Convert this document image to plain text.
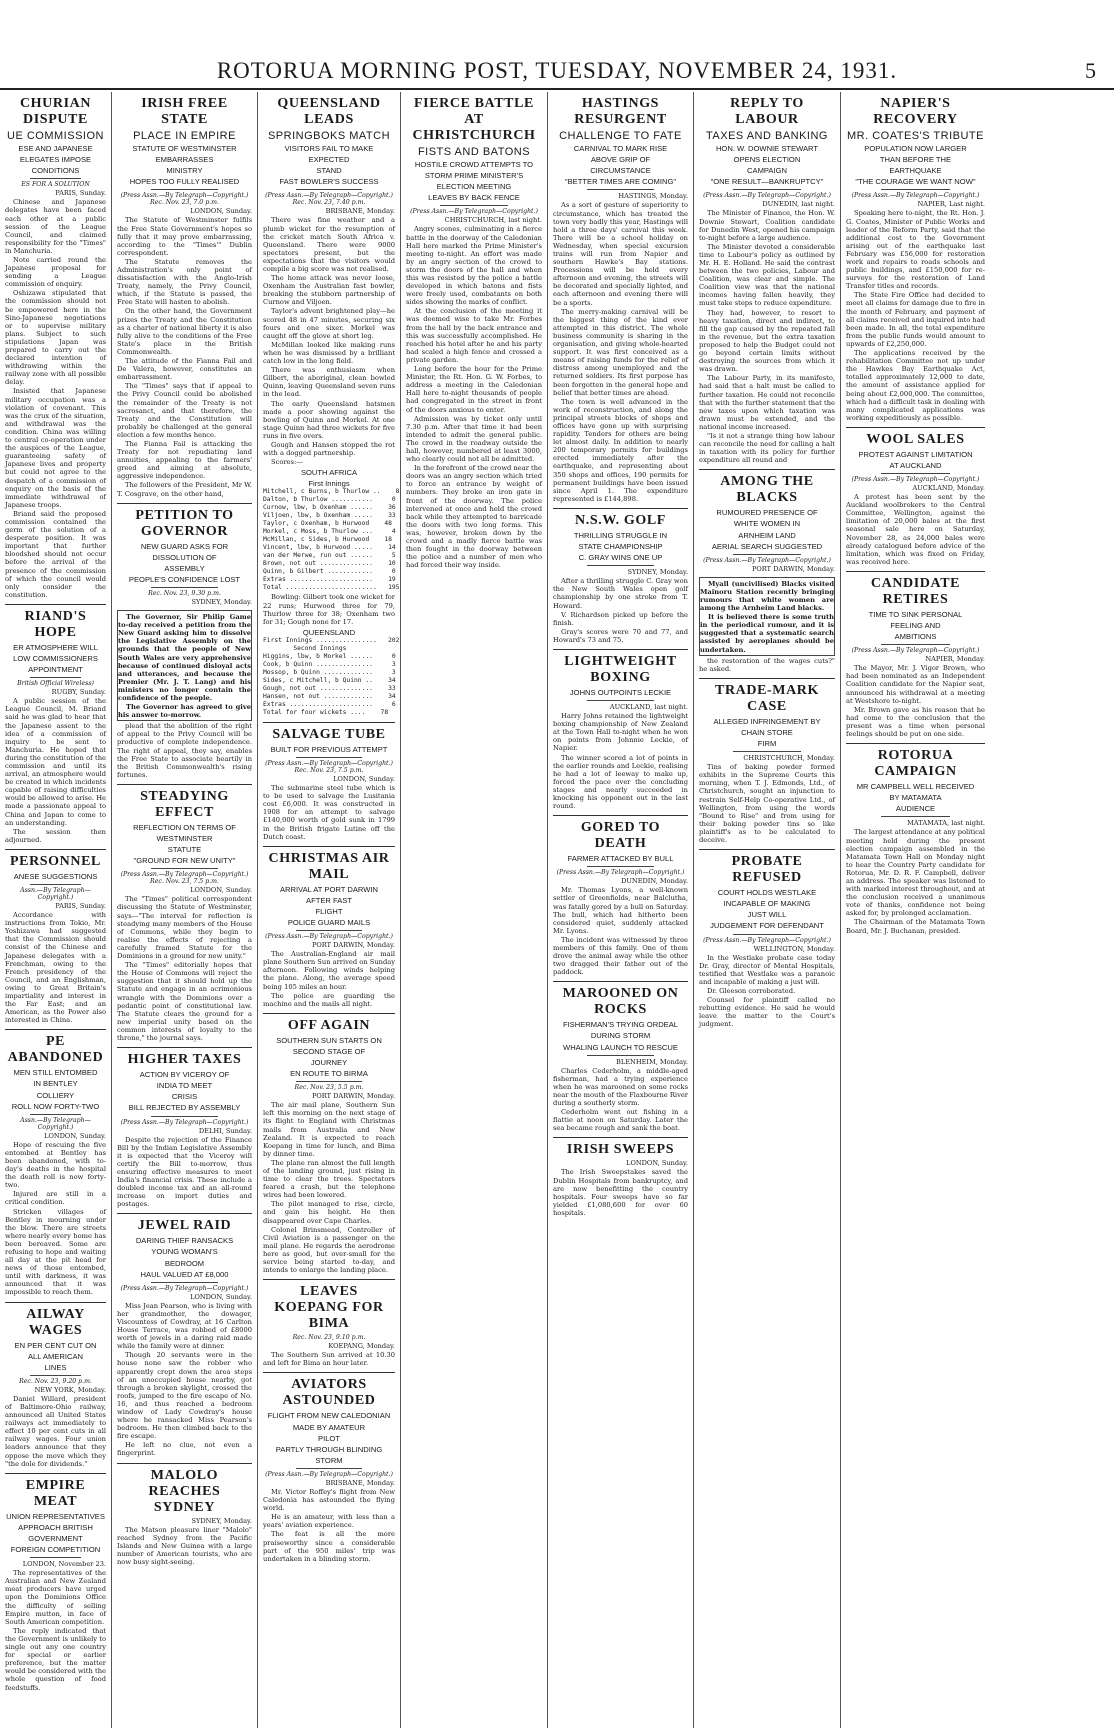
ROTORUA MORNING POST, TUESDAY, NOVEMBER 24, 1931.	5
CHURIAN DISPUTE
UE COMMISSION
ESE AND JAPANESE
ELEGATES IMPOSE
CONDITIONS
ES FOR A SOLUTION
PARIS, Sunday.

Chinese and Japanese delegates have been faced each other at a public session of the League Council, and claimed responsibility for the "Times" in Manchuria.

Note carried round the Japanese proposal for sending a League commission of enquiry.

Oshizawa stipulated that the commission should not be empowered here in the Sino-Japanese negotiations or to supervise military plans. Subject to such stipulations Japan was prepared to carry out the declared intention of withdrawing within the railway zone with all possible delay.

Insisted that Japanese military occupation was a violation of covenant. This was the crux of the situation, and withdrawal was the condition. China was willing to central co-operation under the auspices of the League, guaranteeing safety of Japanese lives and property but could not agree to the despatch of a commission of enquiry on the basis of the immediate withdrawal of Japanese troops.

Briand said the proposed commission contained the germ of the solution of a desperate position. It was important that further bloodshed should not occur before the arrival of the presence of the commission of which the council would only consider the constitution.

RIAND'S HOPE
ER ATMOSPHERE WILL
LOW COMMISSIONERS
APPOINTMENT
British Official Wireless)
RUGBY, Sunday.

A public session of the League Council, M. Briand said he was glad to hear that the Japanese assent to the idea of a commission of inquiry to be sent to Manchuria. He hoped that during the constitution of the commission and until its arrival, an atmosphere would be created in which incidents capable of raising difficulties would be allowed to arise. He made a passionate appeal to China and Japan to come to an understanding.

The session then adjourned.

PERSONNEL
ANESE SUGGESTIONS
Assn.—By Telegraph—Copyright.)
PARIS, Sunday.

Accordance with instructions from Tokio, Mr. Yoshizawa had suggested that the Commission should consist of the Chinese and Japanese delegates with a Frenchman, owing to the French presidency of the Council, and an Englishman, owing to Great Britain's impartiality and interest in the Far East; and an American, as the Power also interested in China.

PE ABANDONED
MEN STILL ENTOMBED
IN BENTLEY
COLLIERY
ROLL NOW FORTY-TWO
Assn.—By Telegraph—Copyright.)
LONDON, Sunday.

Hope of rescuing the five entombed at Bentley has been abandoned, with to-day's deaths in the hospital the death roll is now forty-two.

Injured are still in a critical condition.

Stricken villages of Bentley in mourning under the blow. There are streets where nearly every home has been bereaved. Some are refusing to hope and waiting all day at the pit head for news of those entombed, until with darkness, it was announced that it was impossible to reach them.

AILWAY WAGES
EN PER CENT CUT ON
ALL AMERICAN
LINES
Rec. Nov. 23, 9.20 p.m.
NEW YORK, Monday.

Daniel Willard, president of Baltimore-Ohio railway, announced all United States railways act immediately to effect 10 per cent cuts in all railway wages. Four union leaders announce that they oppose the move which they "the dole for dividends."

EMPIRE MEAT
UNION REPRESENTATIVES
APPROACH BRITISH
GOVERNMENT
FOREIGN COMPETITION
LONDON, November 23.

The representatives of the Australian and New Zealand meat producers have urged upon the Dominions Office the difficulty of selling Empire mutton, in face of South American competition.

The reply indicated that the Government is unlikely to single out any one country for special or earlier preference, but the matter would be considered with the whole question of food feedstuffs.

IRISH FREE STATE
PLACE IN EMPIRE
STATUTE OF WESTMINSTER
EMBARRASSES
MINISTRY
HOPES TOO FULLY REALISED
(Press Assn.—By Telegraph—Copyright.) Rec. Nov. 23, 7.0 p.m.
LONDON, Sunday.

The Statute of Westminster fulfils the Free State Government's hopes so fully that it may prove embarrassing, according to the "Times'" Dublin correspondent.

The Statute removes the Administration's only point of dissatisfaction with the Anglo-Irish Treaty, namely, the Privy Council, which, if the Statute is passed, the Free State will hasten to abolish.

On the other hand, the Government prizes the Treaty and the Constitution as a charter of national liberty it is also fully alive to the conditions of the Free State's place in the British Commonwealth.

The attitude of the Fianna Fail and De Valera, however, constitutes an embarrassment.

The "Times" says that if appeal to the Privy Council could be abolished the remainder of the Treaty is not sacrosanct, and that therefore, the Treaty and the Constitution will probably be challenged at the general election a few months hence.

The Fianna Fail is attacking the Treaty for not repudiating land annuities, appealing to the farmers' greed and aiming at absolute, aggressive independence.

The followers of the President, Mr W. T. Cosgrave, on the other hand,

PETITION TO GOVERNOR
NEW GUARD ASKS FOR
DISSOLUTION OF
ASSEMBLY
PEOPLE'S CONFIDENCE LOST
Rec. Nov. 23, 9.30 p.m.
SYDNEY, Monday.

The Governor, Sir Philip Game to-day received a petition from the New Guard asking him to dissolve the Legislative Assembly on the grounds that the people of New South Wales are very apprehensive because of continued disloyal acts and utterances, and because the Premier (Mr. J. T. Lang) and his ministers no longer contain the confidence of the people.

The Governor has agreed to give his answer to-morrow.

plead that the abolition of the right of appeal to the Privy Council will be productive of complete independence. The right of appeal, they say, enables the Free State to associate heartily in the British Commonwealth's rising fortunes.

STEADYING EFFECT
REFLECTION ON TERMS OF
WESTMINSTER
STATUTE
"GROUND FOR NEW UNITY"
(Press Assn.—By Telegraph—Copyright.) Rec. Nov. 23, 7.5 p.m.
LONDON, Sunday.

The "Times" political correspondent discussing the Statute of Westminster, says—"The interval for reflection is steadying many members of the House of Commons, while they begin to realise the effects of rejecting a carefully framed Statute for the Dominions in a ground for new unity."

The "Times" editorially hopes that the House of Commons will reject the suggestion that it should hold up the Statute and engage in an acrimonious wrangle with the Dominions over a pedantic point of constitutional law. The Statute clears the ground for a new imperial unity based on the common interests of loyalty to the throne," the journal says.

HIGHER TAXES
ACTION BY VICEROY OF
INDIA TO MEET
CRISIS
BILL REJECTED BY ASSEMBLY
(Press Assn.—By Telegraph—Copyright.)
DELHI, Sunday.

Despite the rejection of the Finance Bill by the Indian Legislative Assembly it is expected that the Viceroy will certify the Bill to-morrow, thus ensuring effective measures to meet India's financial crisis. These include a doubled income tax and an all-round increase on import duties and postages.

JEWEL RAID
DARING THIEF RANSACKS
YOUNG WOMAN'S
BEDROOM
HAUL VALUED AT £8,000
(Press Assn.—By Telegraph—Copyright.)
LONDON, Sunday.

Miss Jean Pearson, who is living with her grandmother, the dowager, Viscountess of Cowdray, at 16 Carlton House Terrace, was robbed of £8000 worth of jewels in a daring raid made while the family were at dinner.

Though 20 servants were in the house none saw the robber who apparently crept down the area steps of an unoccupied house nearby, got through a broken skylight, crossed the roofs, jumped to the fire escape of No. 16, and thus reached a bedroom window of Lady Cowdray's house where he ransacked Miss Pearson's bedroom. He then climbed back to the fire escape.

He left no clue, not even a fingerprint.

MALOLO REACHES SYDNEY
SYDNEY, Monday.

The Matson pleasure liner "Malolo" reached Sydney from the Pacific Islands and New Guinea with a large number of American tourists, who are now busy sight-seeing.

QUEENSLAND LEADS
SPRINGBOKS MATCH
VISITORS FAIL TO MAKE
EXPECTED
STAND
FAST BOWLER'S SUCCESS
(Press Assn.—By Telegraph—Copyright.) Rec. Nov. 23, 7.40 p.m.
BRISBANE, Monday.

There was fine weather and a plumb wicket for the resumption of the cricket match South Africa v. Queensland. There were 9000 spectators present, but the expectations that the visitors would compile a big score was not realised.

The home attack was never loose, Oxenham the Australian fast bowler, breaking the stubborn partnership of Curnow and Viljoen.

Taylor's advent brightened play—he scored 48 in 47 minutes, securing six fours and one sixer. Morkel was caught off the glove at short leg.

McMillan looked like making runs when he was dismissed by a brilliant catch low in the long field.

There was enthusiasm when Gilbert, the aboriginal, clean bowled Quinn, leaving Queensland seven runs in the lead.

The early Queensland batsmen made a poor showing against the bowling of Quinn and Morkel. At one stage Quinn had three wickets for five runs in five overs.

Gough and Hansen stopped the rot with a dogged partnership.

Scores:—

SOUTH AFRICA
First Innings
Mitchell, c Burns, b Thurlow ..    8
Dalton, b Thurlow ...........     0
Curnow, lbw, b Oxenham ......    36
Viljoen, lbw, b Oxenham .....    33
Taylor, c Oxenham, b Hurwood    48
Morkel, c Moss, b Thurlow ...     4
McMillan, c Sides, b Hurwood    18
Vincent, lbw, b Hurwood .....    14
van der Merwe, run out ......     5
Brown, not out ..............    10
Quinn, b Gilbert ............     0
Extras ......................    19
Total ........................   195

Bowling: Gilbert took one wicket for 22 runs; Hurwood three for 79, Thurlow three for 38; Oxenham two for 31; Gough none for 17.

QUEENSLAND
First Innings ................   202
Second Innings
Higgins, lbw, b Morkel ......     0
Cook, b Quinn ...............     3
Mossop, b Quinn .............     3
Sides, c Mitchell, b Quinn ..    34
Gough, not out ..............    33
Hansen, not out .............    34
Extras ......................     6
Total for four wickets ....    78
SALVAGE TUBE
BUILT FOR PREVIOUS ATTEMPT
(Press Assn.—By Telegraph—Copyright.) Rec. Nov. 23, 7.5 p.m.
LONDON, Sunday.

The submarine steel tube which is to be used to salvage the Lusitania cost £6,000. It was constructed in 1908 for an attempt to salvage £140,000 worth of gold sunk in 1799 in the British frigate Lutine off the Dutch coast.

CHRISTMAS AIR MAIL
ARRIVAL AT PORT DARWIN
AFTER FAST
FLIGHT
POLICE GUARD MAILS
(Press Assn.—By Telegraph—Copyright.)
PORT DARWIN, Monday.

The Australian-England air mail plane Southern Sun arrived on Sunday afternoon. Following winds helping the plane. Along, the average speed being 105 miles an hour.

The police are guarding the machine and the mails all night.

OFF AGAIN
SOUTHERN SUN STARTS ON
SECOND STAGE OF
JOURNEY
EN ROUTE TO BIRMA
Rec. Nov. 23, 5.5 p.m.
PORT DARWIN, Monday.

The air mail plane, Southern Sun left this morning on the next stage of its flight to England with Christmas mails from Australia and New Zealand. It is expected to reach Koepang in time for lunch, and Bima by dinner time.

The plane ran almost the full length of the landing ground, just rising in time to clear the trees. Spectators feared a crash, but the telephone wires had been lowered.

The pilot managed to rise, circle, and gain his height. He then disappeared over Cape Charles.

Colonel Brinsmead, Controller of Civil Aviation is a passenger on the mail plane. He regards the aerodrome here as good, but over-small for the service being started to-day, and intends to enlarge the landing place.

LEAVES KOEPANG FOR BIMA
Rec. Nov. 23, 9.10 p.m.
KOEPANG, Monday.

The Southern Sun arrived at 10.30 and left for Bima an hour later.

AVIATORS ASTOUNDED
FLIGHT FROM NEW CALEDONIAN
MADE BY AMATEUR
PILOT
PARTLY THROUGH BLINDING
STORM
(Press Assn.—By Telegraph—Copyright.)
BRISBANE, Monday.

Mr. Victor Roffey's flight from New Caledonia has astounded the flying world.

He is an amateur, with less than a years' aviation experience.

The feat is all the more praiseworthy since a considerable part of the 950 miles' trip was undertaken in a blinding storm.

FIERCE BATTLE AT CHRISTCHURCH
FISTS AND BATONS
HOSTILE CROWD ATTEMPTS TO
STORM PRIME MINISTER'S
ELECTION MEETING
LEAVES BY BACK FENCE
(Press Assn.—By Telegraph—Copyright.)
CHRISTCHURCH, last night.

Angry scenes, culminating in a fierce battle in the doorway of the Caledonian Hall here marked the Prime Minister's meeting to-night. An effort was made by an angry section of the crowd to storm the doors of the hall and when this was resisted by the police a battle developed in which batons and fists were freely used, combatants on both sides showing the marks of conflict.

At the conclusion of the meeting it was deemed wise to take Mr. Forbes from the hall by the back entrance and this was successfully accomplished. He reached his hotel after he and his party had scaled a high fence and crossed a private garden.

Long before the hour for the Prime Minister, the Rt. Hon. G. W. Forbes, to address a meeting in the Caledonian Hall here to-night thousands of people had congregated in the street in front of the doors anxious to enter.

Admission was by ticket only until 7.30 p.m. After that time it had been intended to admit the general public. The crowd in the roadway outside the hall, however, numbered at least 3000, who clearly could not all be admitted.

In the forefront of the crowd near the doors was an angry section which tried to force an entrance by weight of numbers. They broke an iron gate in front of the doorway. The police intervened at once and held the crowd back while they attempted to barricade the doors with two long forms. This was, however, broken down by the crowd and a madly fierce battle was then fought in the doorway between the police and a number of men who had forced their way inside.

HASTINGS RESURGENT
CHALLENGE TO FATE
CARNIVAL TO MARK RISE
ABOVE GRIP OF
CIRCUMSTANCE
"BETTER TIMES ARE COMING"
HASTINGS, Monday.

As a sort of gesture of superiority to circumstance, which has treated the town very badly this year, Hastings will hold a three days' carnival this week. There will be a school holiday on Wednesday, when special excursion trains will run from Napier and southern Hawke's Bay stations. Processions will be held every afternoon and evening, the streets will be decorated and specially lighted, and each afternoon and evening there will be a sports.

The merry-making carnival will be the biggest thing of the kind ever attempted in this district. The whole business community is sharing in the organisation, and giving whole-hearted support. It was first conceived as a means of raising funds for the relief of distress among unemployed and the returned soldiers. Its first purpose has been forgotten in the general hope and belief that better times are ahead.

The town is well advanced in the work of reconstruction, and along the principal streets blocks of shops and offices have gone up with surprising rapidity. Tenders for others are being let almost daily. In addition to nearly 200 temporary permits for buildings erected immediately after the earthquake, and representing about 350 shops and offices, 190 permits for permanent buildings have been issued since April 1. The expenditure represented is £144,898.

N.S.W. GOLF
THRILLING STRUGGLE IN
STATE CHAMPIONSHIP
C. GRAY WINS ONE UP
SYDNEY, Monday.

After a thrilling struggle C. Gray won the New South Wales open golf championship by one stroke from T. Howard.

V. Richardson picked up before the finish.

Gray's scores were 70 and 77, and Howard's 73 and 75.

LIGHTWEIGHT BOXING
JOHNS OUTPOINTS LECKIE
AUCKLAND, last night.

Harry Johns retained the lightweight boxing championship of New Zealand at the Town Hall to-night when he won on points from Johnnie Leckie, of Napier.

The winner scored a lot of points in the earlier rounds and Leckie, realising he had a lot of leeway to make up, forced the pace over the concluding stages and nearly succeeded in knocking his opponent out in the last round.

GORED TO DEATH
FARMER ATTACKED BY BULL
(Press Assn.—By Telegraph—Copyright.)
DUNEDIN, Monday.

Mr. Thomas Lyons, a well-known settler of Greenfields, near Balclutha, was fatally gored by a bull on Saturday. The bull, which had hitherto been considered quiet, suddenly attacked Mr. Lyons.

The incident was witnessed by three members of this family. One of them drove the animal away while the other two dragged their father out of the paddock.

MAROONED ON ROCKS
FISHERMAN'S TRYING ORDEAL
DURING STORM
WHALING LAUNCH TO RESCUE
BLENHEIM, Monday.

Charles Cederholm, a middle-aged fisherman, had a trying experience when he was marooned on some rocks near the mouth of the Flaxbourne River during a southerly storm.

Cederholm went out fishing in a flattie at noon on Saturday. Later the sea became rough and sank the boat.

IRISH SWEEPS
LONDON, Sunday.

The Irish Sweepstakes saved the Dublin Hospitals from bankruptcy, and are now benefitting the country hospitals. Four sweeps have so far yielded £1,080,600 for over 60 hospitals.

REPLY TO LABOUR
TAXES AND BANKING
HON. W. DOWNIE STEWART
OPENS ELECTION
CAMPAIGN
"ONE RESULT—BANKRUPTCY"
(Press Assn.—By Telegraph—Copyright.)
DUNEDIN, last night.

The Minister of Finance, the Hon. W. Downie Stewart, Coalition candidate for Dunedin West, opened his campaign to-night before a large audience.

The Minister devoted a considerable time to Labour's policy as outlined by Mr. H. E. Holland. He said the contrast between the two policies, Labour and Coalition, was clear and simple. The Coalition view was that the national incomes having fallen heavily, they must take steps to reduce expenditure.

They had, however, to resort to heavy taxation, direct and indirect, to fill the gap caused by the repeated fall in the revenue, but the extra taxation proposed to help the Budget could not go beyond certain limits without destroying the sources from which it was drawn.

The Labour Party, in its manifesto, had said that a halt must be called to further taxation. He could not reconcile that with the further statement that the new taxes upon which taxation was drawn must be extended, and the national income increased.

"Is it not a strange thing how labour can reconcile the need for calling a halt in taxation with its policy for further expenditure all round and

AMONG THE BLACKS
RUMOURED PRESENCE OF
WHITE WOMEN IN
ARNHEIM LAND
AERIAL SEARCH SUGGESTED
(Press Assn.—By Telegraph—Copyright.)
PORT DARWIN, Monday.

Myall (uncivilised) Blacks visited Mainoru Station recently bringing rumours that white women are among the Arnheim Land blacks.

It is believed there is some truth in the periodical rumour, and it is suggested that a systematic search assisted by aeroplanes should be undertaken.

the restoration of the wages cuts?" he asked.

TRADE-MARK CASE
ALLEGED INFRINGEMENT BY
CHAIN STORE
FIRM
CHRISTCHURCH, Monday.

Tins of baking powder formed exhibits in the Supreme Courts this morning, when T. J. Edmonds, Ltd., of Christchurch, sought an injunction to restrain Self-Help Co-operative Ltd., of Wellington, from using the words "Bound to Rise" and from using for their baking powder tins so like plaintiff's as to be calculated to deceive.

PROBATE REFUSED
COURT HOLDS WESTLAKE
INCAPABLE OF MAKING
JUST WILL
JUDGEMENT FOR DEFENDANT
(Press Assn.—By Telegraph—Copyright.)
WELLINGTON, Monday.

In the Westlake probate case today Dr. Gray, director of Mental Hospitals, testified that Westlake was a paranoic and incapable of making a just will.

Dr. Gleeson corroborated.

Counsel for plaintiff called no rebutting evidence. He said he would leave the matter to the Court's judgment.

NAPIER'S RECOVERY
MR. COATES'S TRIBUTE
POPULATION NOW LARGER
THAN BEFORE THE
EARTHQUAKE
"THE COURAGE WE WANT NOW"
(Press Assn.—By Telegraph—Copyright.)
NAPIER, Last night.

Speaking here to-night, the Rt. Hon. J. G. Coates, Minister of Public Works and leader of the Reform Party, said that the additional cost to the Government arising out of the earthquake last February was £56,000 for restoration work and repairs to roads schools and public buildings, and £150,000 for re-surveys for the restoration of Land Transfer titles and records.

The State Fire Office had decided to meet all claims for damage due to fire in the month of February, and payment of all claims received and inquired into had been made. In all, the total expenditure from the public funds would amount to upwards of £2,250,000.

The applications received by the rehabilitation Committee not up under the Hawkes Bay Earthquake Act, totalled approximately 12,000 to date, the amount of assistance applied for being about £2,000,000. The committee, which had a difficult task in dealing with many complicated applications was working expeditiously as possible.

WOOL SALES
PROTEST AGAINST LIMITATION
AT AUCKLAND
(Press Assn.—By Telegraph—Copyright.)
AUCKLAND, Monday.

A protest has been sent by the Auckland woolbrokers to the Central Committee, Wellington, against the limitation of 20,000 bales at the first seasonal sale here on Saturday, November 28, as 24,000 bales were already catalogued before advice of the limitation, which was fixed on Friday, was received here.

CANDIDATE RETIRES
TIME TO SINK PERSONAL
FEELING AND
AMBITIONS
(Press Assn.—By Telegraph—Copyright.)
NAPIER, Monday.

The Mayor, Mr. J. Vigor Brown, who had been nominated as an Independent Coalition candidate for the Napier seat, announced his withdrawal at a meeting at Westshore to-night.

Mr. Brown gave as his reason that he had come to the conclusion that the present was a time when personal feelings should be put on one side.

ROTORUA CAMPAIGN
MR CAMPBELL WELL RECEIVED
BY MATAMATA
AUDIENCE
MATAMATA, last night.

The largest attendance at any political meeting held during the present election campaign assembled in the Matamata Town Hall on Monday night to hear the Country Party candidate for Rotorua, Mr. D. R. F. Campbell, deliver an address. The speaker was listened to with marked interest throughout, and at the conclusion received a unanimous vote of thanks, confidence not being asked for, by prolonged acclamation.

The Chairman of the Matamata Town Board, Mr. J. Buchanan, presided.
